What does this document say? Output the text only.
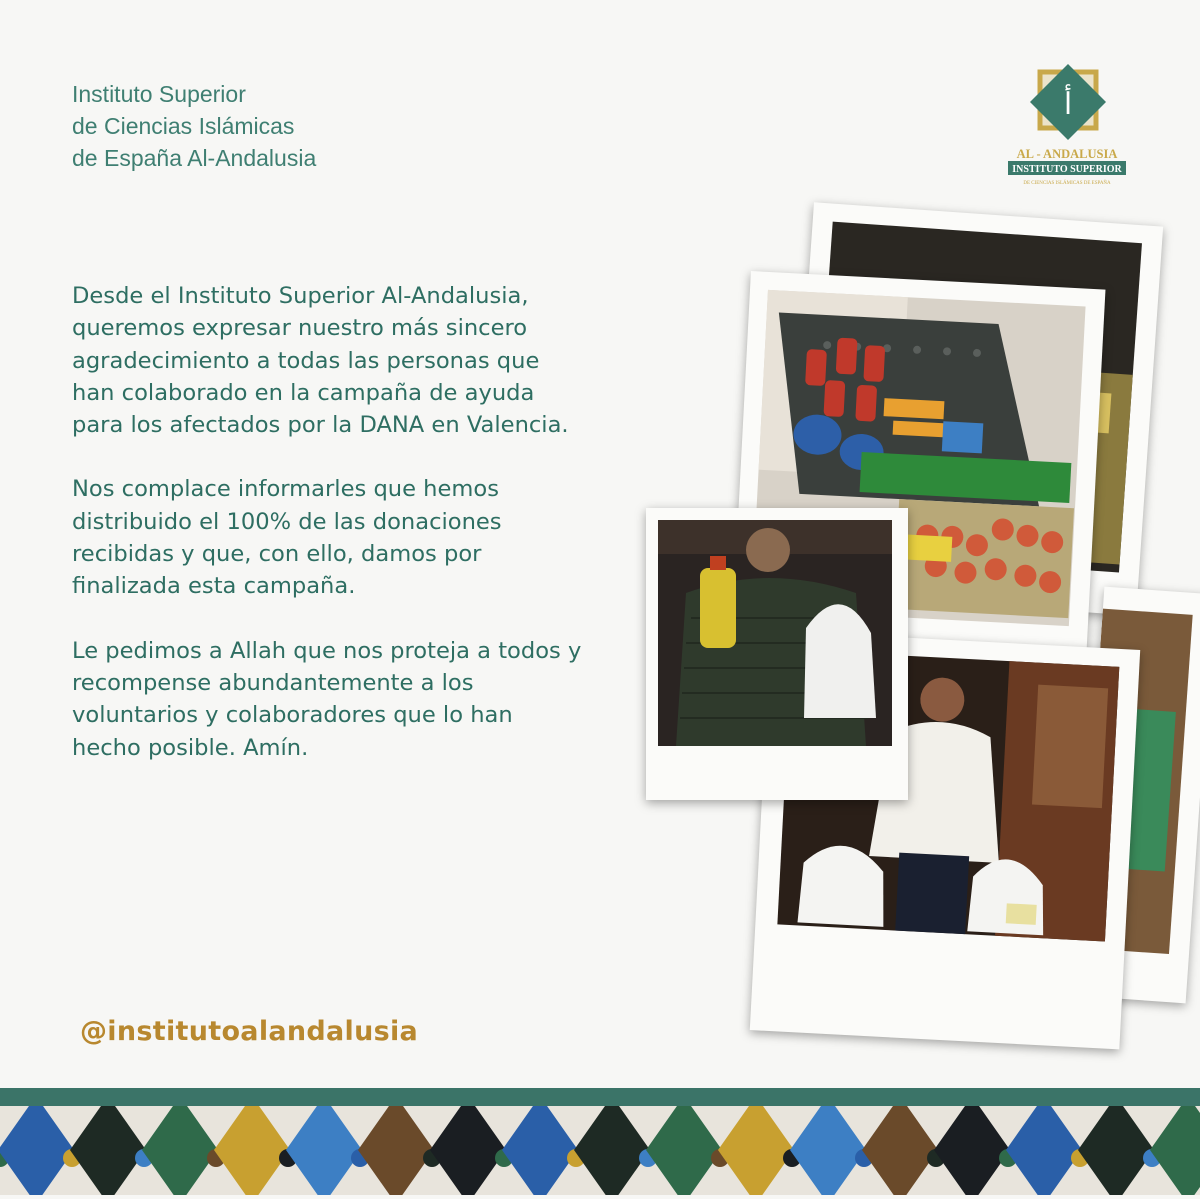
Instituto Superior
de Ciencias Islámicas
de España Al-Andalusia
أ
AL - ANDALUSIA
INSTITUTO SUPERIOR
DE CIENCIAS ISLÁMICAS DE ESPAÑA

Desde el Instituto Superior Al-Andalusia, queremos expresar nuestro más sincero agradecimiento a todas las personas que han colaborado en la campaña de ayuda para los afectados por la DANA en Valencia.

Nos complace informarles que hemos distribuido el 100% de las donaciones recibidas y que, con ello, damos por finalizada esta campaña.

Le pedimos a Allah que nos proteja a todos y recompense abundantemente a los voluntarios y colaboradores que lo han hecho posible. Amín.

@institutoalandalusia
